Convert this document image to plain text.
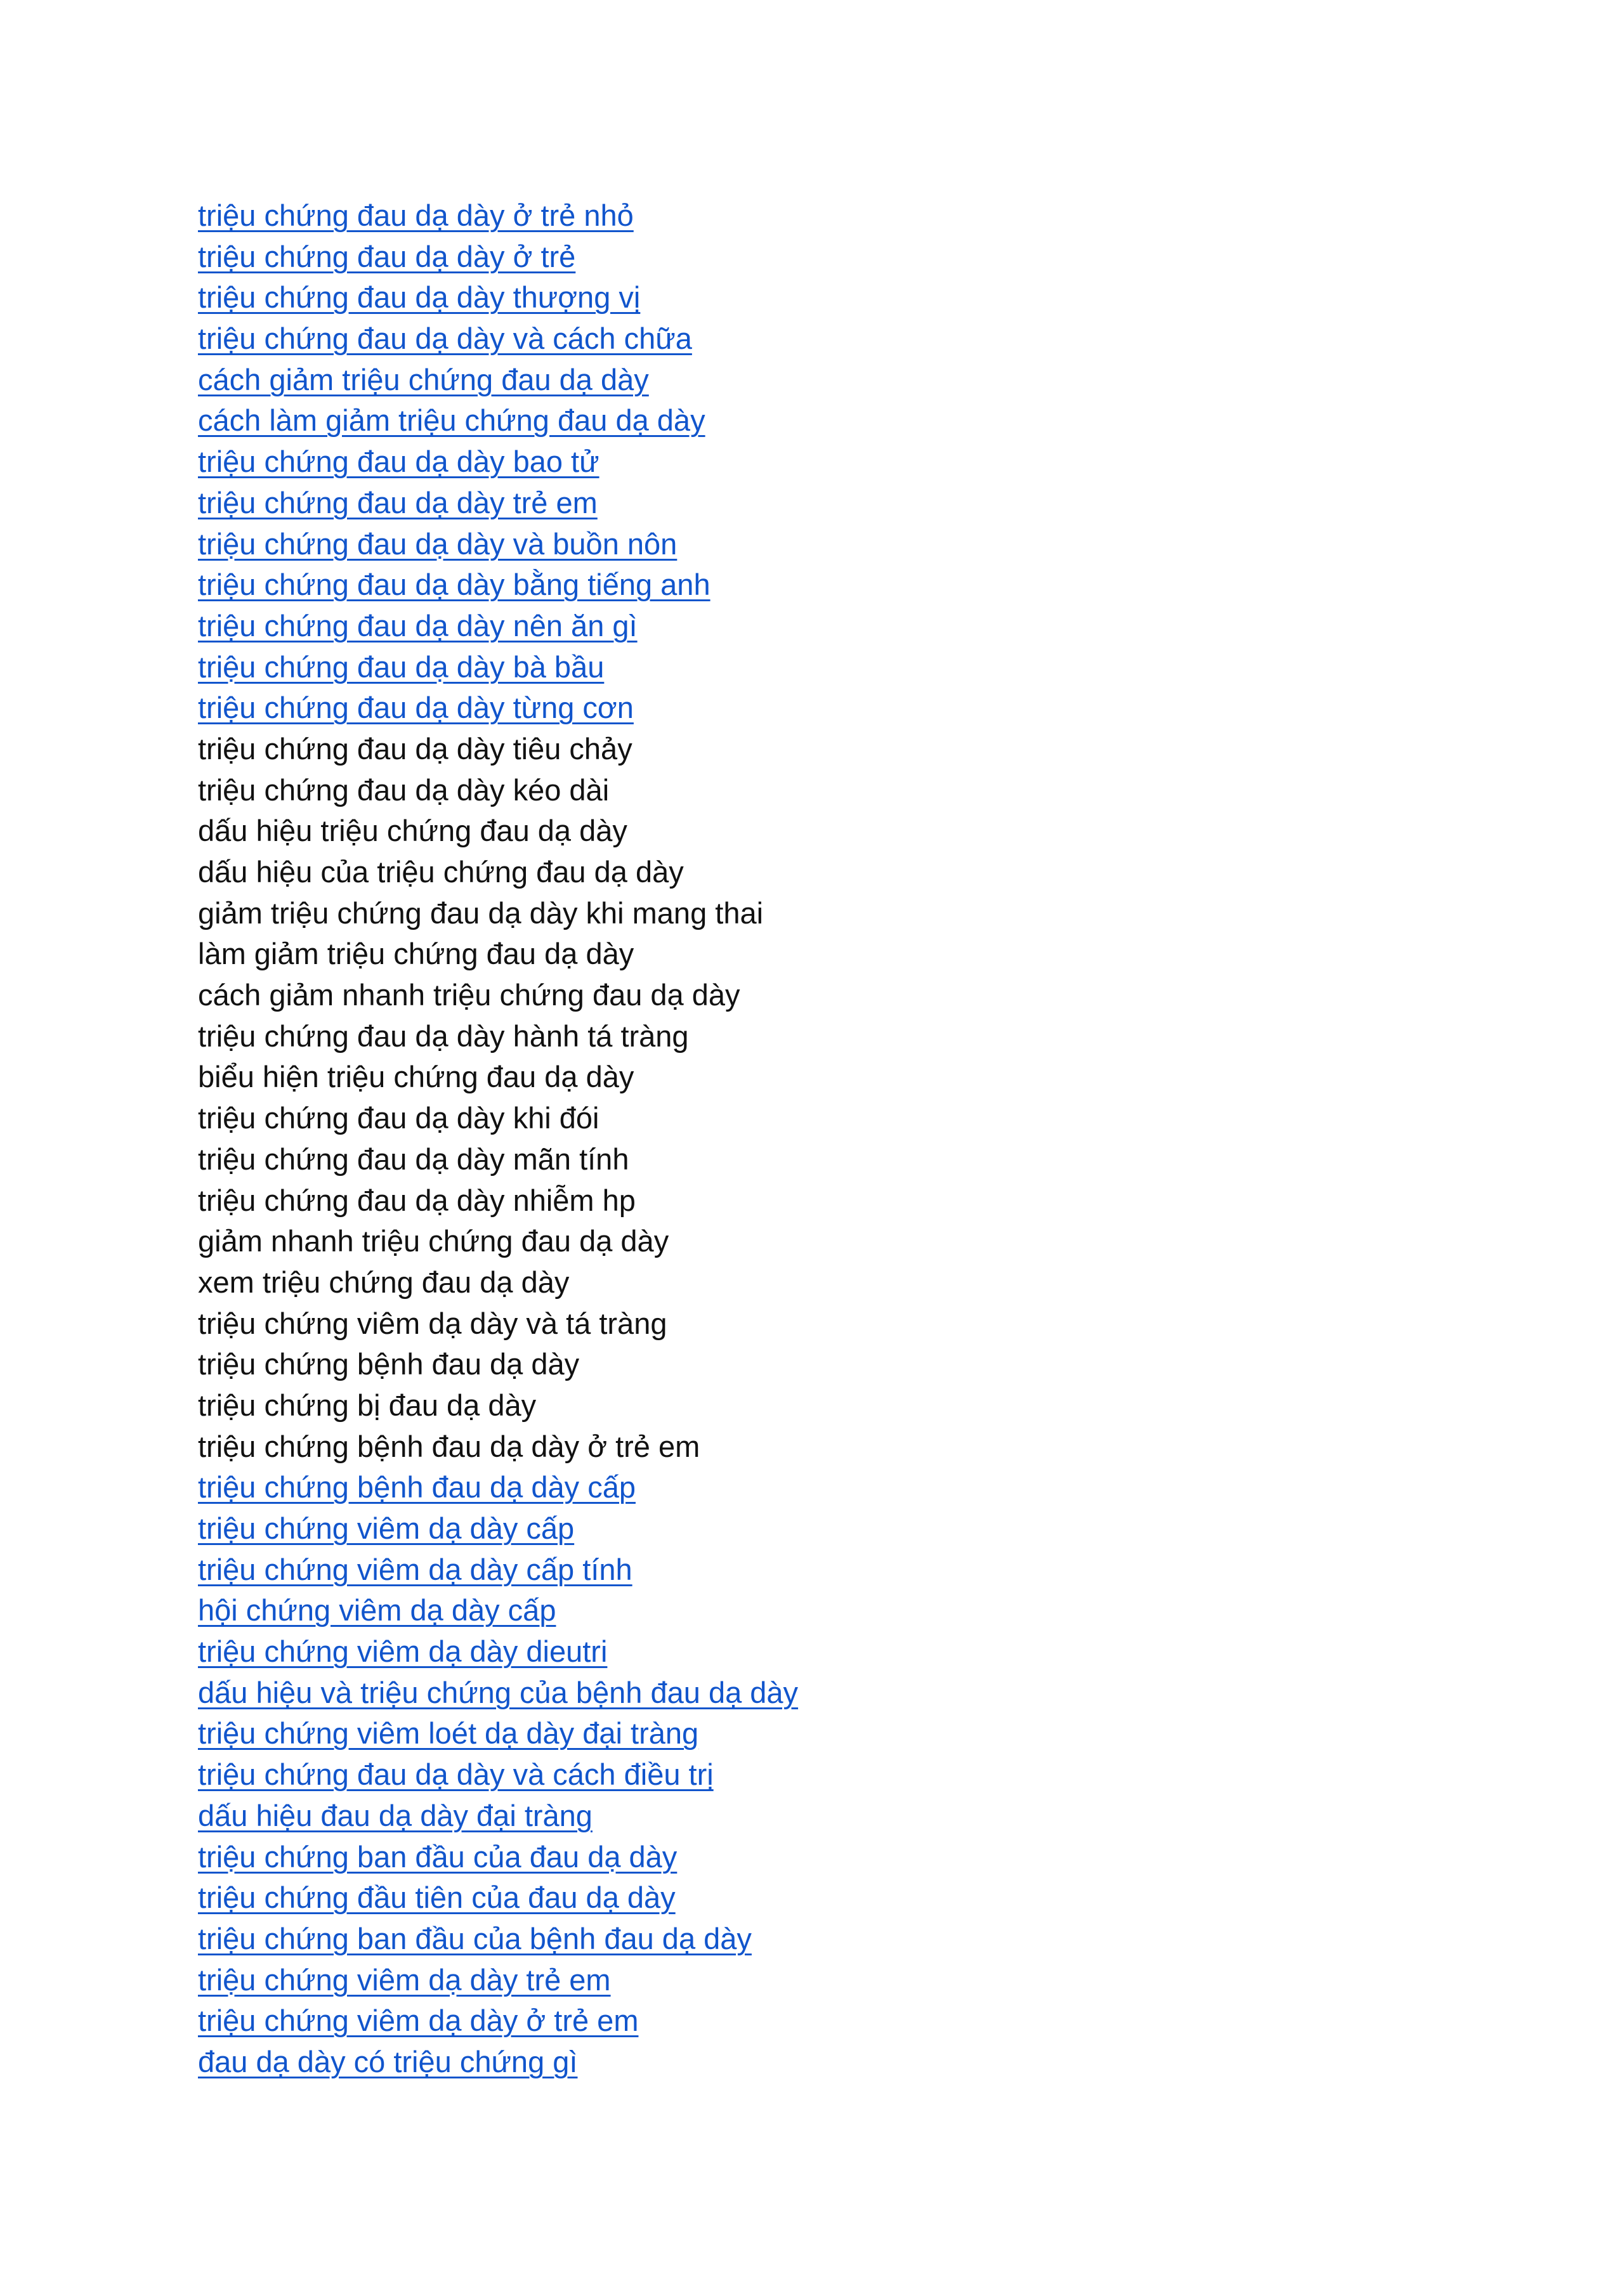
triệu chứng đau dạ dày ở trẻ nhỏ
triệu chứng đau dạ dày ở trẻ
triệu chứng đau dạ dày thượng vị
triệu chứng đau dạ dày và cách chữa
cách giảm triệu chứng đau dạ dày
cách làm giảm triệu chứng đau dạ dày
triệu chứng đau dạ dày bao tử
triệu chứng đau dạ dày trẻ em
triệu chứng đau dạ dày và buồn nôn
triệu chứng đau dạ dày bằng tiếng anh
triệu chứng đau dạ dày nên ăn gì
triệu chứng đau dạ dày bà bầu
triệu chứng đau dạ dày từng cơn
triệu chứng đau dạ dày tiêu chảy
triệu chứng đau dạ dày kéo dài
dấu hiệu triệu chứng đau dạ dày
dấu hiệu của triệu chứng đau dạ dày
giảm triệu chứng đau dạ dày khi mang thai
làm giảm triệu chứng đau dạ dày
cách giảm nhanh triệu chứng đau dạ dày
triệu chứng đau dạ dày hành tá tràng
biểu hiện triệu chứng đau dạ dày
triệu chứng đau dạ dày khi đói
triệu chứng đau dạ dày mãn tính
triệu chứng đau dạ dày nhiễm hp
giảm nhanh triệu chứng đau dạ dày
xem triệu chứng đau dạ dày
triệu chứng viêm dạ dày và tá tràng
triệu chứng bệnh đau dạ dày
triệu chứng bị đau dạ dày
triệu chứng bệnh đau dạ dày ở trẻ em
triệu chứng bệnh đau dạ dày cấp
triệu chứng viêm dạ dày cấp
triệu chứng viêm dạ dày cấp tính
hội chứng viêm dạ dày cấp
triệu chứng viêm dạ dày dieutri
dấu hiệu và triệu chứng của bệnh đau dạ dày
triệu chứng viêm loét dạ dày đại tràng
triệu chứng đau dạ dày và cách điều trị
dấu hiệu đau dạ dày đại tràng
triệu chứng ban đầu của đau dạ dày
triệu chứng đầu tiên của đau dạ dày
triệu chứng ban đầu của bệnh đau dạ dày
triệu chứng viêm dạ dày trẻ em
triệu chứng viêm dạ dày ở trẻ em
đau dạ dày có triệu chứng gì
